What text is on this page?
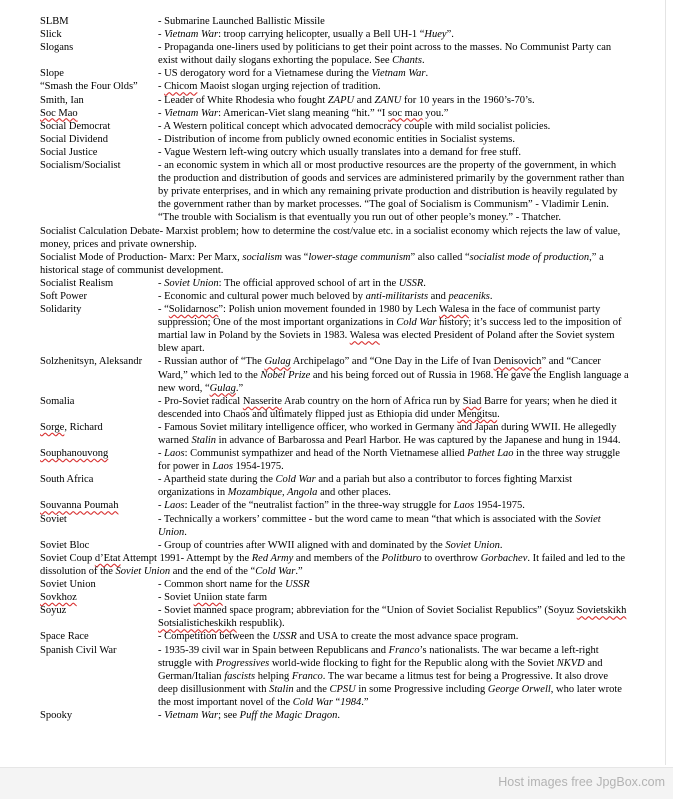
SLBM	- Submarine Launched Ballistic Missile
Slick	- Vietnam War: troop carrying helicopter, usually a Bell UH-1 “Huey”.
Slogans	- Propaganda one-liners used by politicians to get their point across to the masses. No Communist Party can exist without daily slogans exhorting the populace. See Chants.
Slope	- US derogatory word for a Vietnamese during the Vietnam War.
“Smash the Four Olds” - Chicom Maoist slogan urging rejection of tradition.
Smith, Ian	- Leader of White Rhodesia who fought ZAPU and ZANU for 10 years in the 1960’s-70’s.
Soc Mao	- Vietnam War: American-Viet slang meaning “hit.” “I soc mao you.”
Social Democrat	- A Western political concept which advocated democracy couple with mild socialist policies.
Social Dividend	- Distribution of income from publicly owned economic entities in Socialist systems.
Social Justice	- Vague Western left-wing outcry which usually translates into a demand for free stuff.
Socialism/Socialist	- an economic system in which all or most productive resources are the property of the government, in which the production and distribution of goods and services are administered primarily by the government rather than by private enterprises, and in which any remaining private production and distribution is heavily regulated by the government rather than by market processes. “The goal of Socialism is Communism” - Vladimir Lenin. “The trouble with Socialism is that eventually you run out of other people’s money.” - Thatcher.
Socialist Calculation Debate- Marxist problem; how to determine the cost/value etc. in a socialist economy which rejects the law of value, money, prices and private ownership.
Socialist Mode of Production- Marx: Per Marx, socialism was “lower-stage communism” also called “socialist mode of production,” a historical stage of communist development.
Socialist Realism	- Soviet Union: The official approved school of art in the USSR.
Soft Power	- Economic and cultural power much beloved by anti-militarists and peaceniks.
Solidarity	- “Solidarnosc”: Polish union movement founded in 1980 by Lech Walesa in the face of communist party suppression; One of the most important organizations in Cold War history; it’s success led to the imposition of martial law in Poland by the Soviets in 1983. Walesa was elected President of Poland after the Soviet system blew apart.
Solzhenitsyn, Aleksandr - Russian author of “The Gulag Archipelago” and “One Day in the Life of Ivan Denisovich” and “Cancer Ward,” which led to the Nobel Prize and his being forced out of Russia in 1968. He gave the English language a new word, “Gulag.”
Somalia	- Pro-Soviet radical Nasserite Arab country on the horn of Africa run by Siad Barre for years; when he died it descended into Chaos and ultimately flipped just as Ethiopia did under Mengitsu.
Sorge, Richard	- Famous Soviet military intelligence officer, who worked in Germany and Japan during WWII. He allegedly warned Stalin in advance of Barbarossa and Pearl Harbor. He was captured by the Japanese and hung in 1944.
Souphanouvong	- Laos: Communist sympathizer and head of the North Vietnamese allied Pathet Lao in the three way struggle for power in Laos 1954-1975.
South Africa	- Apartheid state during the Cold War and a pariah but also a contributor to forces fighting Marxist organizations in Mozambique, Angola and other places.
Souvanna Poumah	- Laos: Leader of the “neutralist faction” in the three-way struggle for Laos 1954-1975.
Soviet	- Technically a workers’ committee - but the word came to mean “that which is associated with the Soviet Union.
Soviet Bloc	- Group of countries after WWII aligned with and dominated by the Soviet Union.
Soviet Coup d’Etat Attempt 1991- Attempt by the Red Army and members of the Politburo to overthrow Gorbachev. It failed and led to the dissolution of the Soviet Union and the end of the “Cold War.”
Soviet Union	- Common short name for the USSR
Sovkhoz	- Soviet Uniion state farm
Soyuz	- Soviet manned space program; abbreviation for the “Union of Soviet Socialist Republics” (Soyuz Sovietskikh Sotsialisticheskikh respublik).
Space Race	- Competition between the USSR and USA to create the most advance space program.
Spanish Civil War	- 1935-39 civil war in Spain between Republicans and Franco’s nationalists. The war became a left-right struggle with Progressives world-wide flocking to fight for the Republic along with the Soviet NKVD and German/Italian fascists helping Franco. The war became a litmus test for being a Progressive. It also drove deep disillusionment with Stalin and the CPSU in some Progressive including George Orwell, who later wrote the most important novel of the Cold War “1984.”
Spooky	- Vietnam War; see Puff the Magic Dragon.
Host images free JpgBox.com
